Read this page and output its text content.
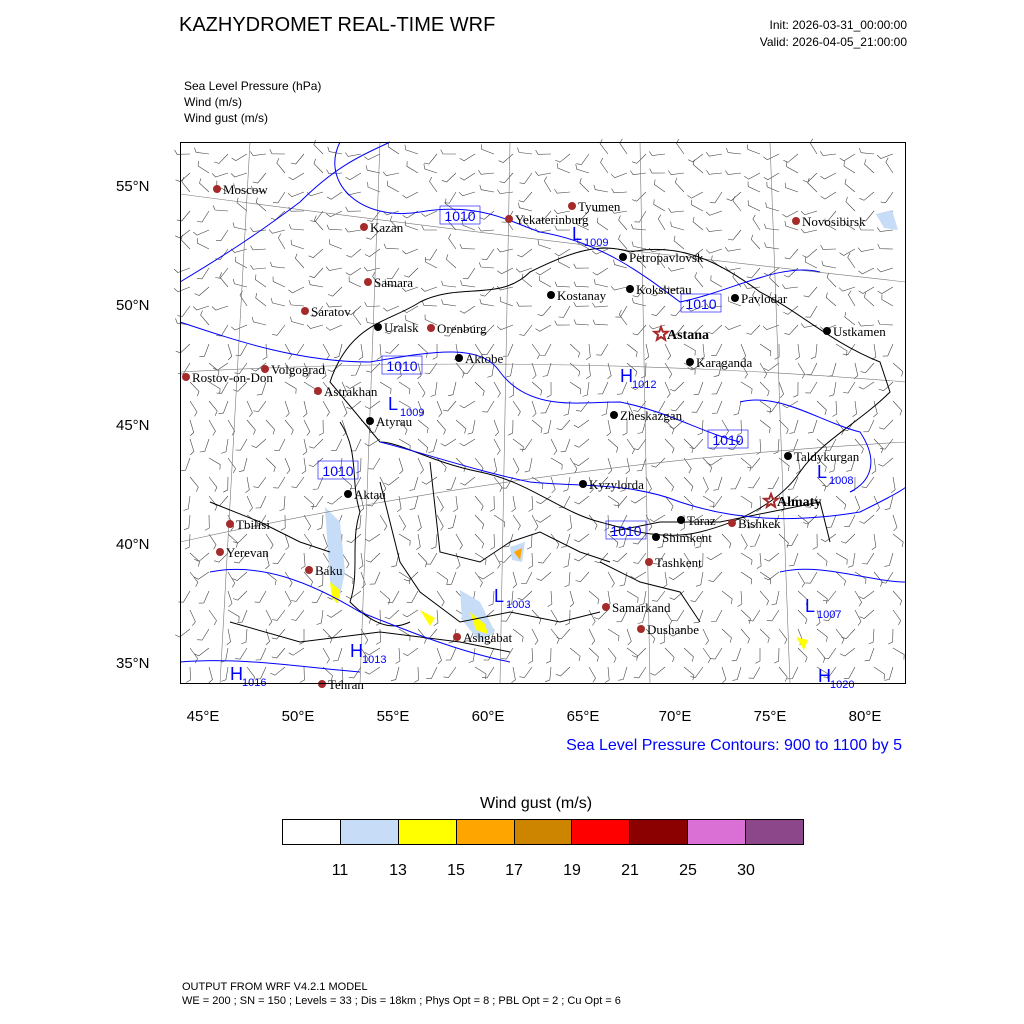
KAZHYDROMET REAL-TIME WRF	Init: 2026-03-31_00:00:00
Valid: 2026-04-05_21:00:00
Sea Level Pressure (hPa)
Wind (m/s)
Wind gust (m/s)
55°N
50°N
45°N
40°N
35°N
45°E	50°E	55°E	60°E	65°E	70°E	75°E	80°E
Moscow
Kazan
Tyumen
Yekaterinburg	Novosibirsk
Samara
Saratov
Orenburg
Volgograd
Rostov-on-Don
Astrakhan
Petropavlovsk
Kostanay Kokshetau
Pavlodar
Uralsk
Aktobe
Astana	Ustkamen
Karaganda
Atyrau	Zheskazgan
Taldykurgan
Aktau
Kyzylorda
Almaty
Tbilisi	Taraz Bishkek
Shimkent
Yerevan
Baku
Tashkent
Samarkand
Dushanbe
Ashgabat
Tehran
1010
1010
1010
1010
1010
1010
L 1009
L 1009
H 1012
L 1008
L 1003	L 1007
H 1013
H 1016	H 1020
Sea Level Pressure Contours: 900 to 1100 by 5
Wind gust (m/s)
11	13	15	17	19	21	25	30
OUTPUT FROM WRF V4.2.1 MODEL
WE = 200 ; SN = 150 ; Levels = 33 ; Dis = 18km ; Phys Opt = 8 ; PBL Opt = 2 ; Cu Opt = 6
